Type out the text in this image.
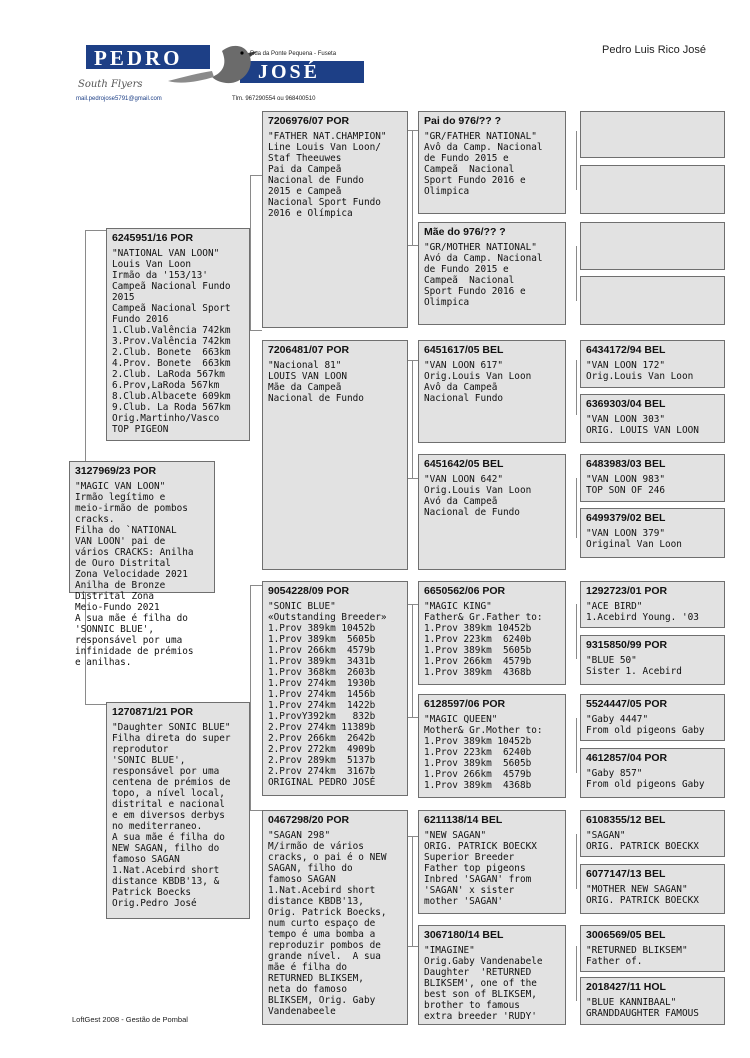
Pedro Luis Rico José
PEDRO
JOSÉ
Rua da Ponte Pequena - Fuseta
South Flyers
mail.pedrojose5791@gmail.com	Tlm. 967290554 ou 968400510
3127969/23 POR
"MAGIC VAN LOON"
Irmão legítimo e
meio-irmão de pombos
cracks.
Filha do `NATIONAL
VAN LOON' pai de
vários CRACKS: Anilha
de Ouro Distrital
Zona Velocidade 2021
Anilha de Bronze
Distrital Zona
Meio-Fundo 2021
A sua mãe é filha do
'SONNIC BLUE',
responsável por uma
infinidade de prémios
e anilhas.
6245951/16 POR
"NATIONAL VAN LOON"
Louis Van Loon
Irmão da '153/13'
Campeã Nacional Fundo
2015
Campeã Nacional Sport
Fundo 2016
1.Club.Valência 742km
3.Prov.Valência 742km
2.Club. Bonete  663km
4.Prov. Bonete  663km
2.Club. LaRoda 567km
6.Prov,LaRoda 567km
8.Club.Albacete 609km
9.Club. La Roda 567km
Orig.Martinho/Vasco
TOP PIGEON
1270871/21 POR
"Daughter SONIC BLUE"
Filha direta do super
reprodutor
'SONIC BLUE',
responsável por uma
centena de prémios de
topo, a nível local,
distrital e nacional
e em diversos derbys
no mediterraneo.
A sua mãe é filha do
NEW SAGAN, filho do
famoso SAGAN
1.Nat.Acebird short
distance KBDB'13, &
Patrick Boecks
Orig.Pedro José
7206976/07 POR
"FATHER NAT.CHAMPION"
Line Louis Van Loon/
Staf Theeuwes
Pai da Campeã
Nacional de Fundo
2015 e Campeã
Nacional Sport Fundo
2016 e Olímpica
7206481/07 POR
"Nacional 81"
LOUIS VAN LOON
Mãe da Campeã
Nacional de Fundo
9054228/09 POR
"SONIC BLUE"
«Outstanding Breeder»
1.Prov 389km 10452b
1.Prov 389km  5605b
1.Prov 266km  4579b
1.Prov 389km  3431b
1.Prov 368km  2603b
1.Prov 274km  1930b
1.Prov 274km  1456b
1.Prov 274km  1422b
1.ProvY392km   832b
2.Prov 274km 11389b
2.Prov 266km  2642b
2.Prov 272km  4909b
2.Prov 289km  5137b
2.Prov 274km  3167b
ORIGINAL PEDRO JOSÉ
0467298/20 POR
"SAGAN 298"
M/irmão de vários
cracks, o pai é o NEW
SAGAN, filho do
famoso SAGAN
1.Nat.Acebird short
distance KBDB'13,
Orig. Patrick Boecks,
num curto espaço de
tempo é uma bomba a
reproduzir pombos de
grande nível.  A sua
mãe é filha do
RETURNED BLIKSEM,
neta do famoso
BLIKSEM, Orig. Gaby
Vandenabeele
Pai do 976/?? ?
"GR/FATHER NATIONAL"
Avô da Camp. Nacional
de Fundo 2015 e
Campeã  Nacional
Sport Fundo 2016 e
Olimpica
Mãe do 976/?? ?
"GR/MOTHER NATIONAL"
Avó da Camp. Nacional
de Fundo 2015 e
Campeã  Nacional
Sport Fundo 2016 e
Olimpica
6451617/05 BEL
"VAN LOON 617"
Orig.Louis Van Loon
Avô da Campeã
Nacional Fundo
6451642/05 BEL
"VAN LOON 642"
Orig.Louis Van Loon
Avó da Campeã
Nacional de Fundo
6650562/06 POR
"MAGIC KING"
Father& Gr.Father to:
1.Prov 389km 10452b
1.Prov 223km  6240b
1.Prov 389km  5605b
1.Prov 266km  4579b
1.Prov 389km  4368b
6128597/06 POR
"MAGIC QUEEN"
Mother& Gr.Mother to:
1.Prov 389km 10452b
1.Prov 223km  6240b
1.Prov 389km  5605b
1.Prov 266km  4579b
1.Prov 389km  4368b
6211138/14 BEL
"NEW SAGAN"
ORIG. PATRICK BOECKX
Superior Breeder
Father top pigeons
Inbred 'SAGAN' from
'SAGAN' x sister
mother 'SAGAN'
3067180/14 BEL
"IMAGINE"
Orig.Gaby Vandenabele
Daughter  'RETURNED
BLIKSEM', one of the
best son of BLIKSEM,
brother to famous
extra breeder 'RUDY'
6434172/94 BEL
"VAN LOON 172"
Orig.Louis Van Loon
6369303/04 BEL
"VAN LOON 303"
ORIG. LOUIS VAN LOON
6483983/03 BEL
"VAN LOON 983"
TOP SON OF 246
6499379/02 BEL
"VAN LOON 379"
Original Van Loon
1292723/01 POR
"ACE BIRD"
1.Acebird Young. '03
9315850/99 POR
"BLUE 50"
Sister 1. Acebird
5524447/05 POR
"Gaby 4447"
From old pigeons Gaby
4612857/04 POR
"Gaby 857"
From old pigeons Gaby
6108355/12 BEL
"SAGAN"
ORIG. PATRICK BOECKX
6077147/13 BEL
"MOTHER NEW SAGAN"
ORIG. PATRICK BOECKX
3006569/05 BEL
"RETURNED BLIKSEM"
Father of.
2018427/11 HOL
"BLUE KANNIBAAL"
GRANDDAUGHTER FAMOUS
LoftGest 2008 - Gestão de Pombal
